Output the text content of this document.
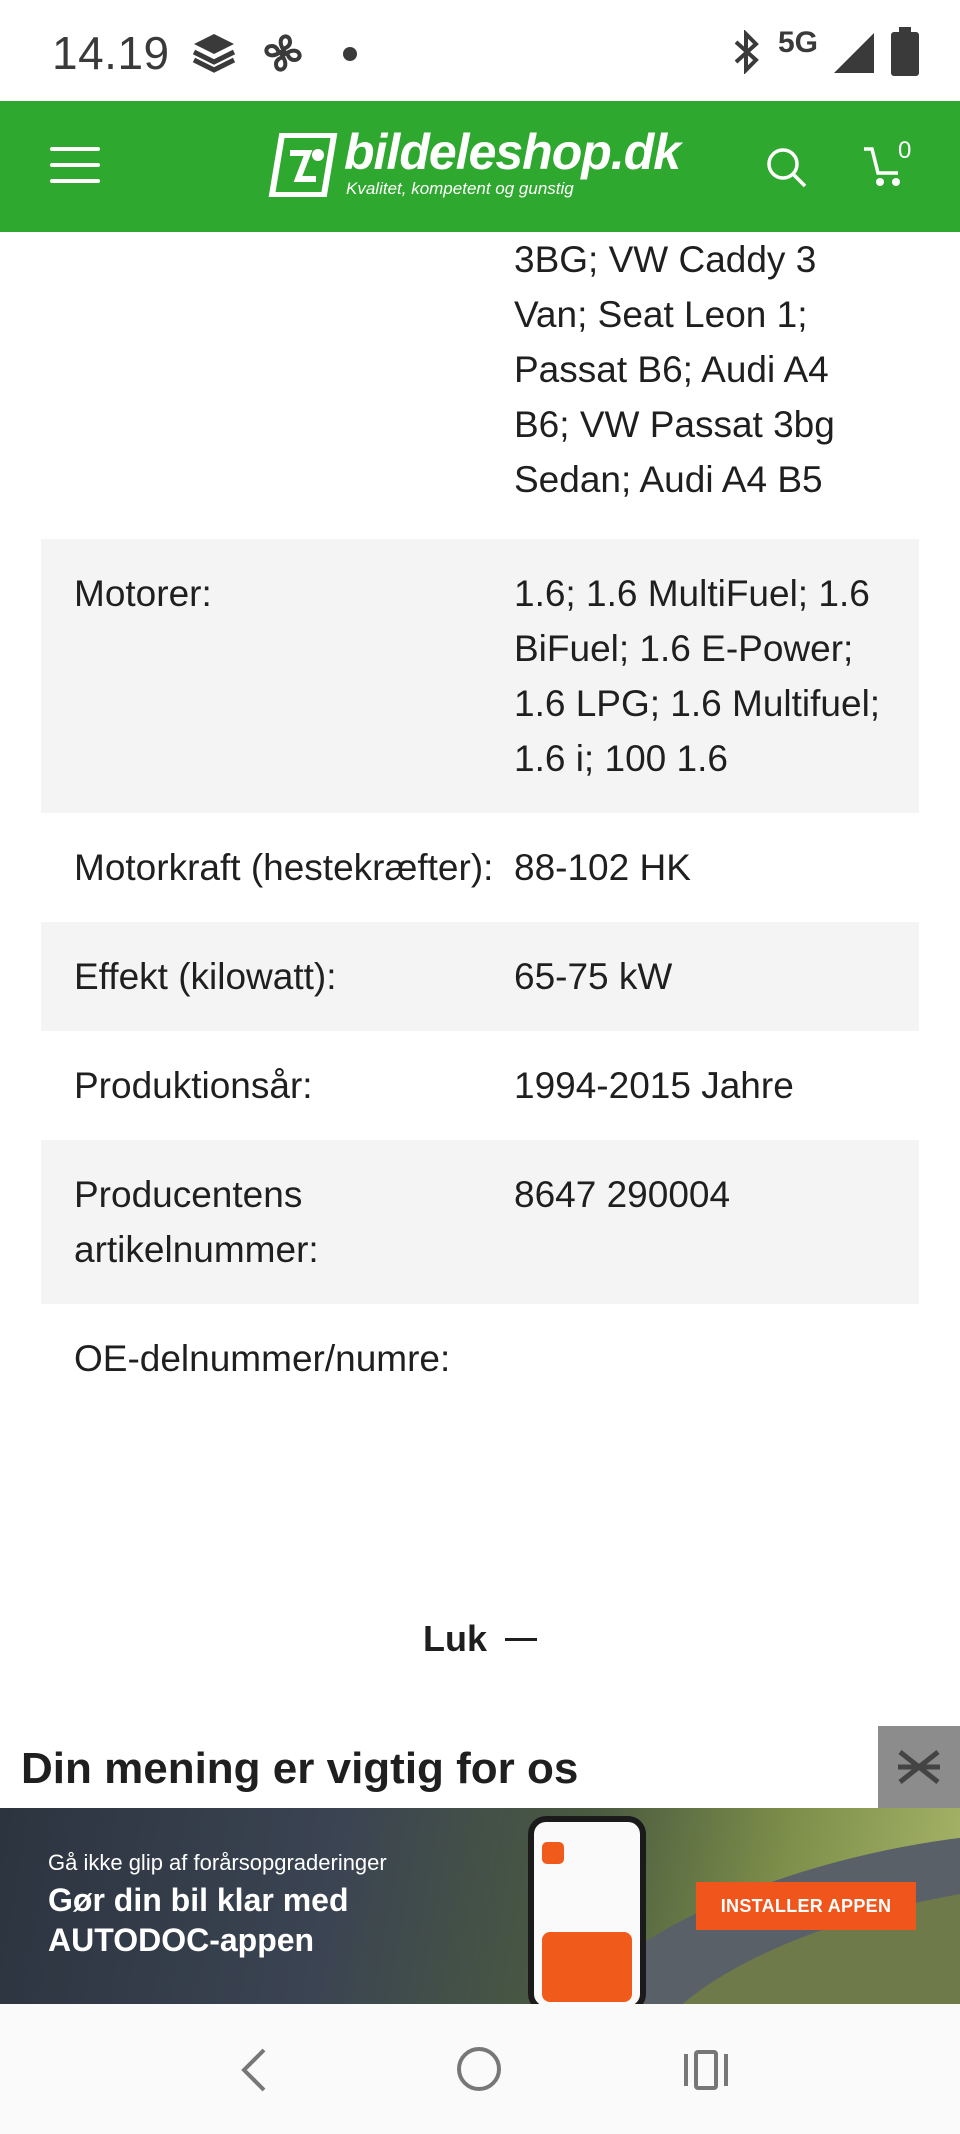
14.19	5G
bildeleshop.dk
Kvalitet, kompetent og gunstig
0
3BG; VW Caddy 3 Van; Seat Leon 1; Passat B6; Audi A4 B6; VW Passat 3bg Sedan; Audi A4 B5
Motorer:	1.6; 1.6 MultiFuel; 1.6 BiFuel; 1.6 E-Power; 1.6 LPG; 1.6 Multifuel; 1.6 i; 100 1.6
Motorkraft (hestekræfter): 88-102 HK
Effekt (kilowatt):	65-75 kW
Produktionsår:	1994-2015 Jahre
Producentens artikelnummer:
8647 290004
OE-delnummer/numre:
Luk
Din mening er vigtig for os
Gå ikke glip af forårsopgraderinger
Gør din bil klar med
AUTODOC-appen
INSTALLER APPEN
